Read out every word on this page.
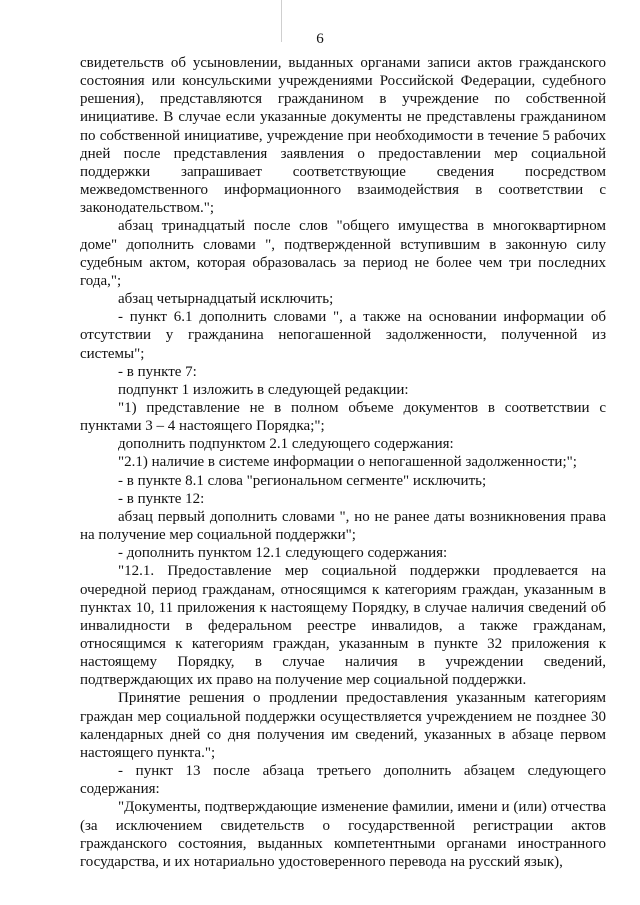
6

свидетельств об усыновлении, выданных органами записи актов гражданского состояния или консульскими учреждениями Российской Федерации, судебного решения), представляются гражданином в учреждение по собственной инициативе. В случае если указанные документы не представлены гражданином по собственной инициативе, учреждение при необходимости в течение 5 рабочих дней после представления заявления о предоставлении мер социальной поддержки запрашивает соответствующие сведения посредством межведомственного информационного взаимодействия в соответствии с законодательством.";

абзац тринадцатый после слов "общего имущества в многоквартирном доме" дополнить словами ", подтвержденной вступившим в законную силу судебным актом, которая образовалась за период не более чем три последних года,";

абзац четырнадцатый исключить;

- пункт 6.1 дополнить словами ", а также на основании информации об отсутствии у гражданина непогашенной задолженности, полученной из системы";

- в пункте 7:

подпункт 1 изложить в следующей редакции:

"1) представление не в полном объеме документов в соответствии с пунктами 3 – 4 настоящего Порядка;";

дополнить подпунктом 2.1 следующего содержания:

"2.1) наличие в системе информации о непогашенной задолженности;";

- в пункте 8.1 слова "региональном сегменте" исключить;

- в пункте 12:

абзац первый дополнить словами ", но не ранее даты возникновения права на получение мер социальной поддержки";

- дополнить пунктом 12.1 следующего содержания:

"12.1. Предоставление мер социальной поддержки продлевается на очередной период гражданам, относящимся к категориям граждан, указанным в пунктах 10, 11 приложения к настоящему Порядку, в случае наличия сведений об инвалидности в федеральном реестре инвалидов, а также гражданам, относящимся к категориям граждан, указанным в пункте 32 приложения к настоящему Порядку, в случае наличия в учреждении сведений, подтверждающих их право на получение мер социальной поддержки.

Принятие решения о продлении предоставления указанным категориям граждан мер социальной поддержки осуществляется учреждением не позднее 30 календарных дней со дня получения им сведений, указанных в абзаце первом настоящего пункта.";

- пункт 13 после абзаца третьего дополнить абзацем следующего содержания:

"Документы, подтверждающие изменение фамилии, имени и (или) отчества (за исключением свидетельств о государственной регистрации актов гражданского состояния, выданных компетентными органами иностранного государства, и их нотариально удостоверенного перевода на русский язык),
